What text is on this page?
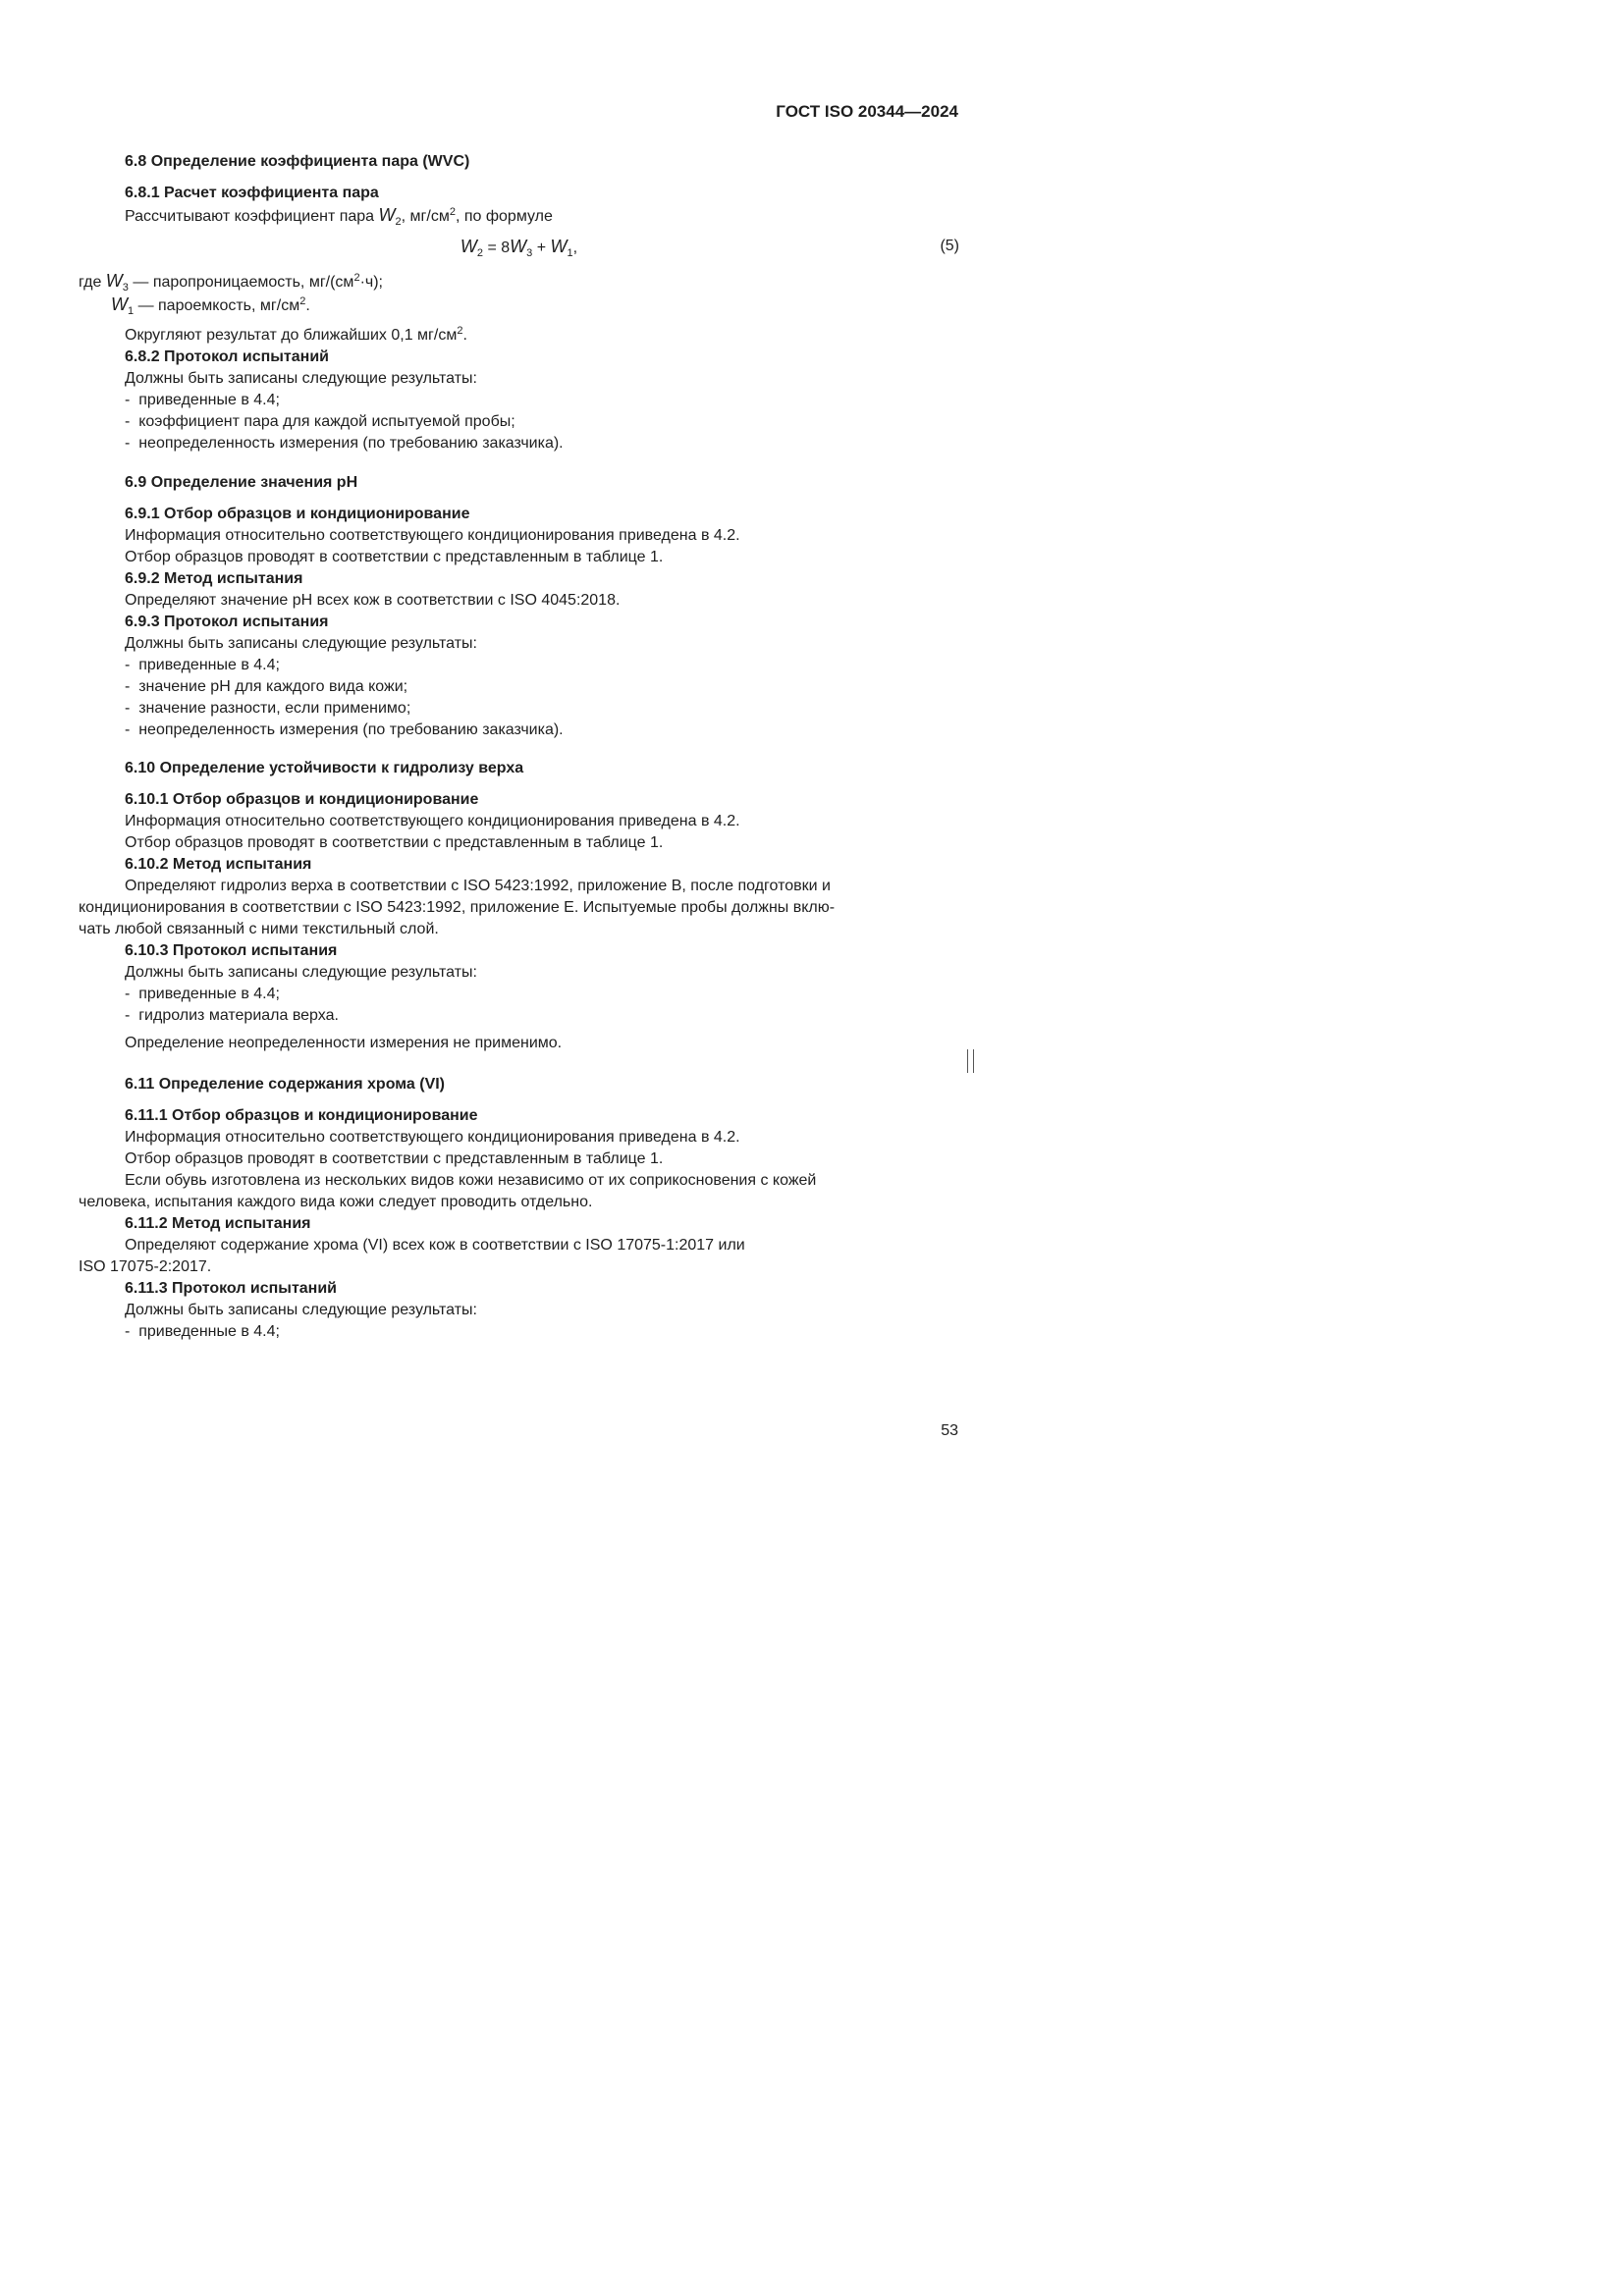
ГОСТ ISO 20344—2024

6.8 Определение коэффициента пара (WVC)

6.8.1 Расчет коэффициента пара

Рассчитывают коэффициент пара $W_2$, $мг/см^2$, по формуле

$W_2 = 8W_3 + W_1$,	(5)

где $W_3$ — паропроницаемость, $мг/(см^2\cdot ч)$;
$W_1$ — пароемкость, $мг/см^2$.

Округляют результат до ближайших 0,1 $мг/см^2$.

6.8.2 Протокол испытаний

Должны быть записаны следующие результаты:

-  приведенные в 4.4;

-  коэффициент пара для каждой испытуемой пробы;

-  неопределенность измерения (по требованию заказчика).

6.9 Определение значения pH

6.9.1 Отбор образцов и кондиционирование

Информация относительно соответствующего кондиционирования приведена в 4.2.

Отбор образцов проводят в соответствии с представленным в таблице 1.

6.9.2 Метод испытания

Определяют значение pH всех кож в соответствии с ISO 4045:2018.

6.9.3 Протокол испытания

Должны быть записаны следующие результаты:

-  приведенные в 4.4;

-  значение pH для каждого вида кожи;

-  значение разности, если применимо;

-  неопределенность измерения (по требованию заказчика).

6.10 Определение устойчивости к гидролизу верха

6.10.1 Отбор образцов и кондиционирование

Информация относительно соответствующего кондиционирования приведена в 4.2.

Отбор образцов проводят в соответствии с представленным в таблице 1.

6.10.2 Метод испытания

Определяют гидролиз верха в соответствии с ISO 5423:1992, приложение B, после подготовки и

кондиционирования в соответствии с ISO 5423:1992, приложение E. Испытуемые пробы должны вклю-

чать любой связанный с ними текстильный слой.

6.10.3 Протокол испытания

Должны быть записаны следующие результаты:

-  приведенные в 4.4;

-  гидролиз материала верха.

Определение неопределенности измерения не применимо.

6.11 Определение содержания хрома (VI)

6.11.1 Отбор образцов и кондиционирование

Информация относительно соответствующего кондиционирования приведена в 4.2.

Отбор образцов проводят в соответствии с представленным в таблице 1.

Если обувь изготовлена из нескольких видов кожи независимо от их соприкосновения с кожей

человека, испытания каждого вида кожи следует проводить отдельно.

6.11.2 Метод испытания

Определяют содержание хрома (VI) всех кож в соответствии с ISO 17075-1:2017 или

ISO 17075-2:2017.

6.11.3 Протокол испытаний

Должны быть записаны следующие результаты:

-  приведенные в 4.4;

53
